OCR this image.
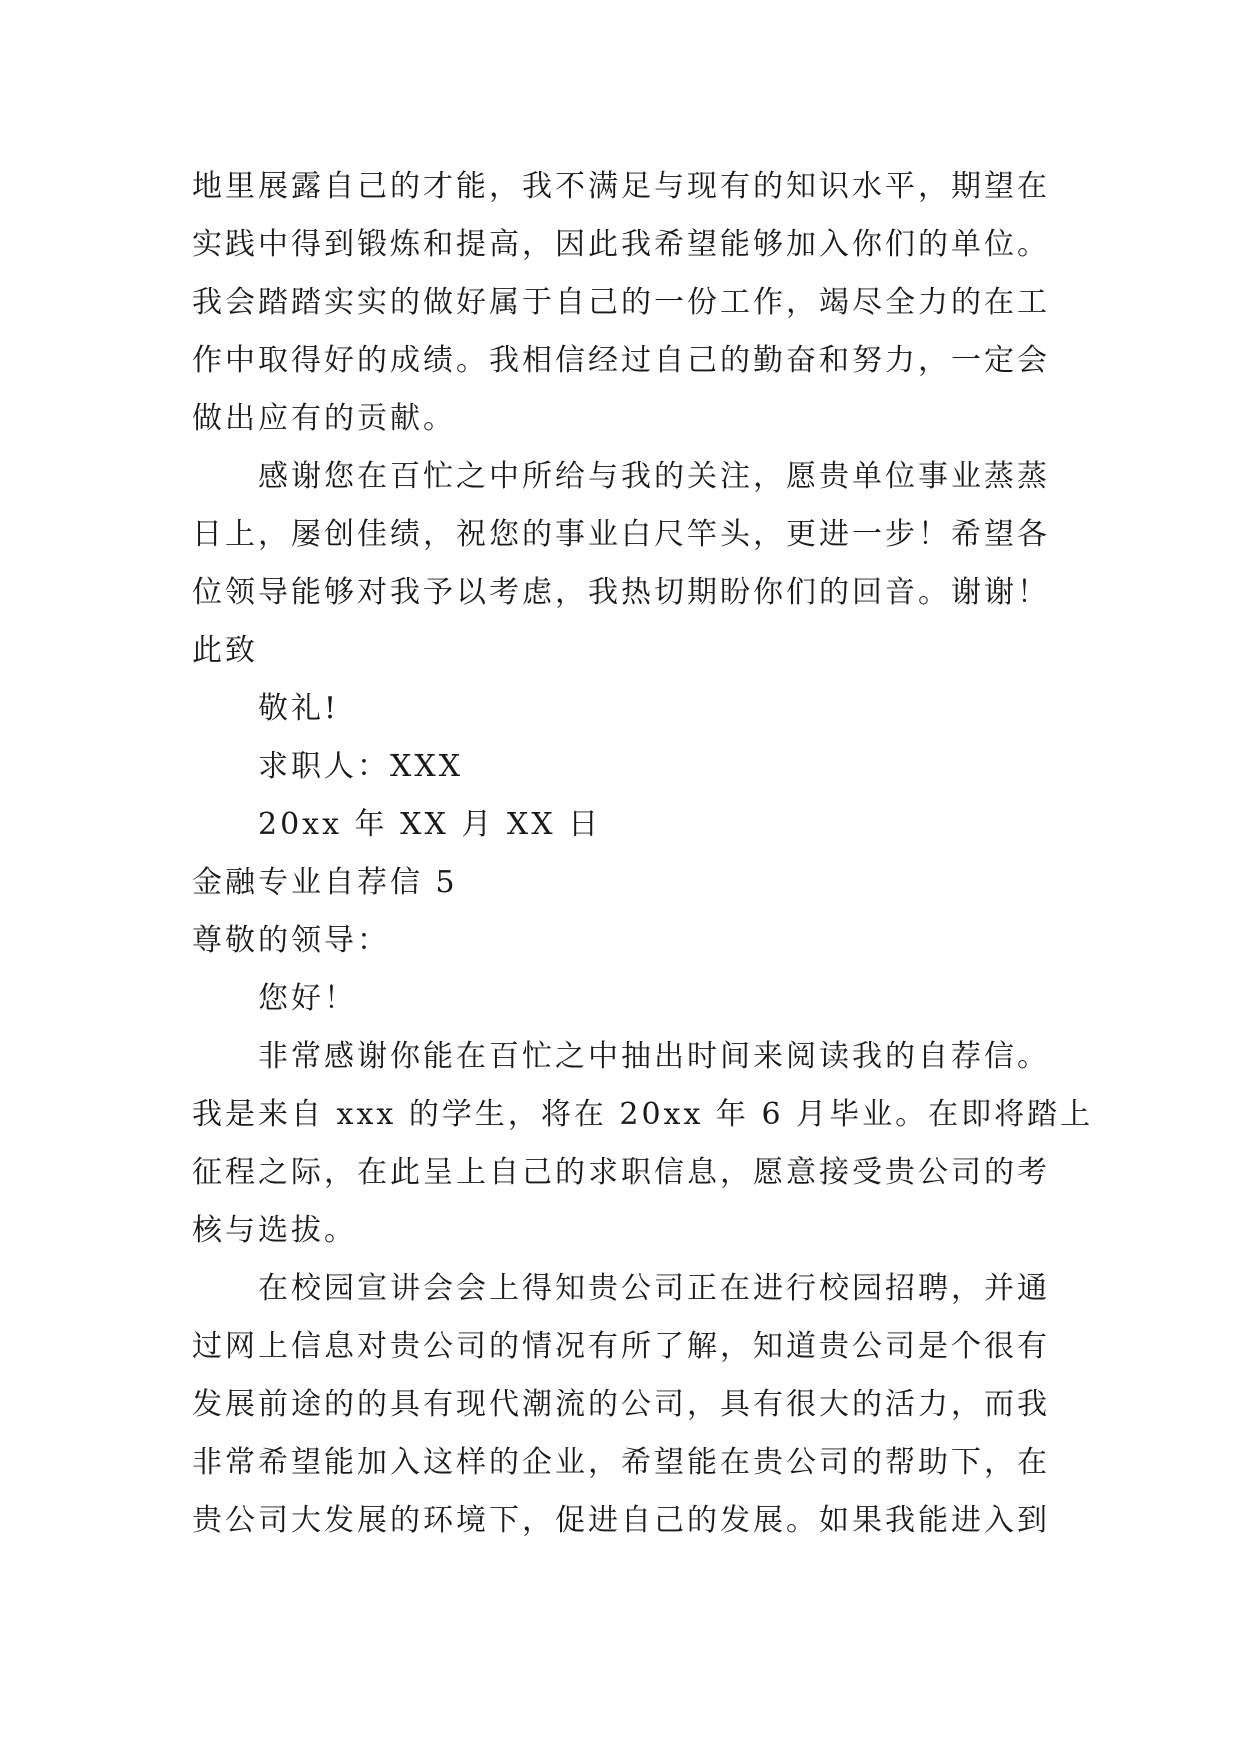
地里展露自己的才能，我不满足与现有的知识水平，期望在
实践中得到锻炼和提高，因此我希望能够加入你们的单位。
我会踏踏实实的做好属于自己的一份工作，竭尽全力的在工
作中取得好的成绩。我相信经过自己的勤奋和努力，一定会
做出应有的贡献。
感谢您在百忙之中所给与我的关注，愿贵单位事业蒸蒸
日上，屡创佳绩，祝您的事业白尺竿头，更进一步！希望各
位领导能够对我予以考虑，我热切期盼你们的回音。谢谢！
此致
敬礼!
求职人：XXX
20xx 年 XX 月 XX 日
金融专业自荐信 5
尊敬的领导：
您好！
非常感谢你能在百忙之中抽出时间来阅读我的自荐信。
我是来自 xxx 的学生，将在 20xx 年 6 月毕业。在即将踏上
征程之际，在此呈上自己的求职信息，愿意接受贵公司的考
核与选拔。
在校园宣讲会会上得知贵公司正在进行校园招聘，并通
过网上信息对贵公司的情况有所了解，知道贵公司是个很有
发展前途的的具有现代潮流的公司，具有很大的活力，而我
非常希望能加入这样的企业，希望能在贵公司的帮助下，在
贵公司大发展的环境下，促进自己的发展。如果我能进入到
